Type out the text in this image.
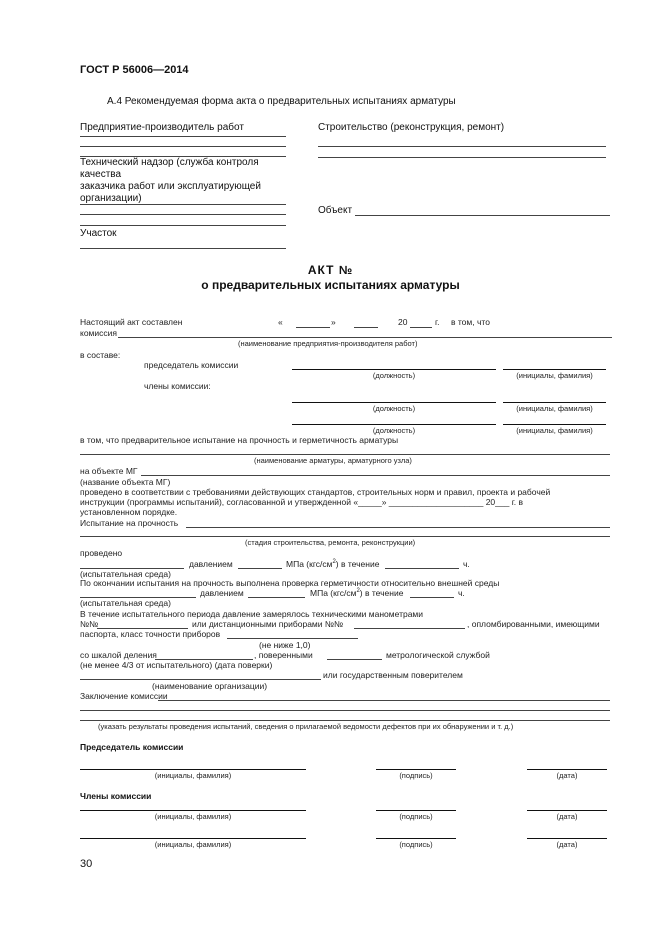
ГОСТ Р 56006—2014
А.4 Рекомендуемая форма акта о предварительных испытаниях арматуры
Предприятие-производитель работ
Технический надзор (служба контроля
качества
заказчика работ или эксплуатирующей
организации)
Участок
Строительство (реконструкция, ремонт)
Объект
АКТ №
о предварительных испытаниях арматуры
Настоящий акт составлен	«	»	20	г. в том, что
комиссия
(наименование предприятия-производителя работ)
в составе:
председатель комиссии
(должность)	(инициалы, фамилия)
члены комиссии:
(должность)	(инициалы, фамилия)
(должность)	(инициалы, фамилия)
в том, что предварительное испытание на прочность и герметичность арматуры
(наименование арматуры, арматурного узла)
на объекте МГ
(название объекта МГ)
проведено в соответствии с требованиями действующих стандартов, строительных норм и правил, проекта и рабочей
инструкции (программы испытаний), согласованной и утвержденной «_____» ____________________ 20___ г. в
установленном порядке.
Испытание на прочность
(стадия строительства, ремонта, реконструкции)
проведено
давлением	МПа $(кгс/см^2)$ в течение	ч.
(испытательная среда)
По окончании испытания на прочность выполнена проверка герметичности относительно внешней среды
давлением	МПа $(кгс/см^2)$ в течение	ч.
(испытательная среда)
В течение испытательного периода давление замерялось техническими манометрами
№№	или дистанционными приборами №№	, опломбированными, имеющими
паспорта, класс точности приборов
(не ниже 1,0)
со шкалой деления	, поверенными	метрологической службой
(не менее 4/3 от испытательного) (дата поверки)
или государственным поверителем
(наименование организации)
Заключение комиссии
(указать результаты проведения испытаний, сведения о прилагаемой ведомости дефектов при их обнаружении и т. д.)
Председатель комиссии
(инициалы, фамилия)	(подпись)	(дата)
Члены комиссии
(инициалы, фамилия)	(подпись)	(дата)
(инициалы, фамилия)	(подпись)	(дата)
30
